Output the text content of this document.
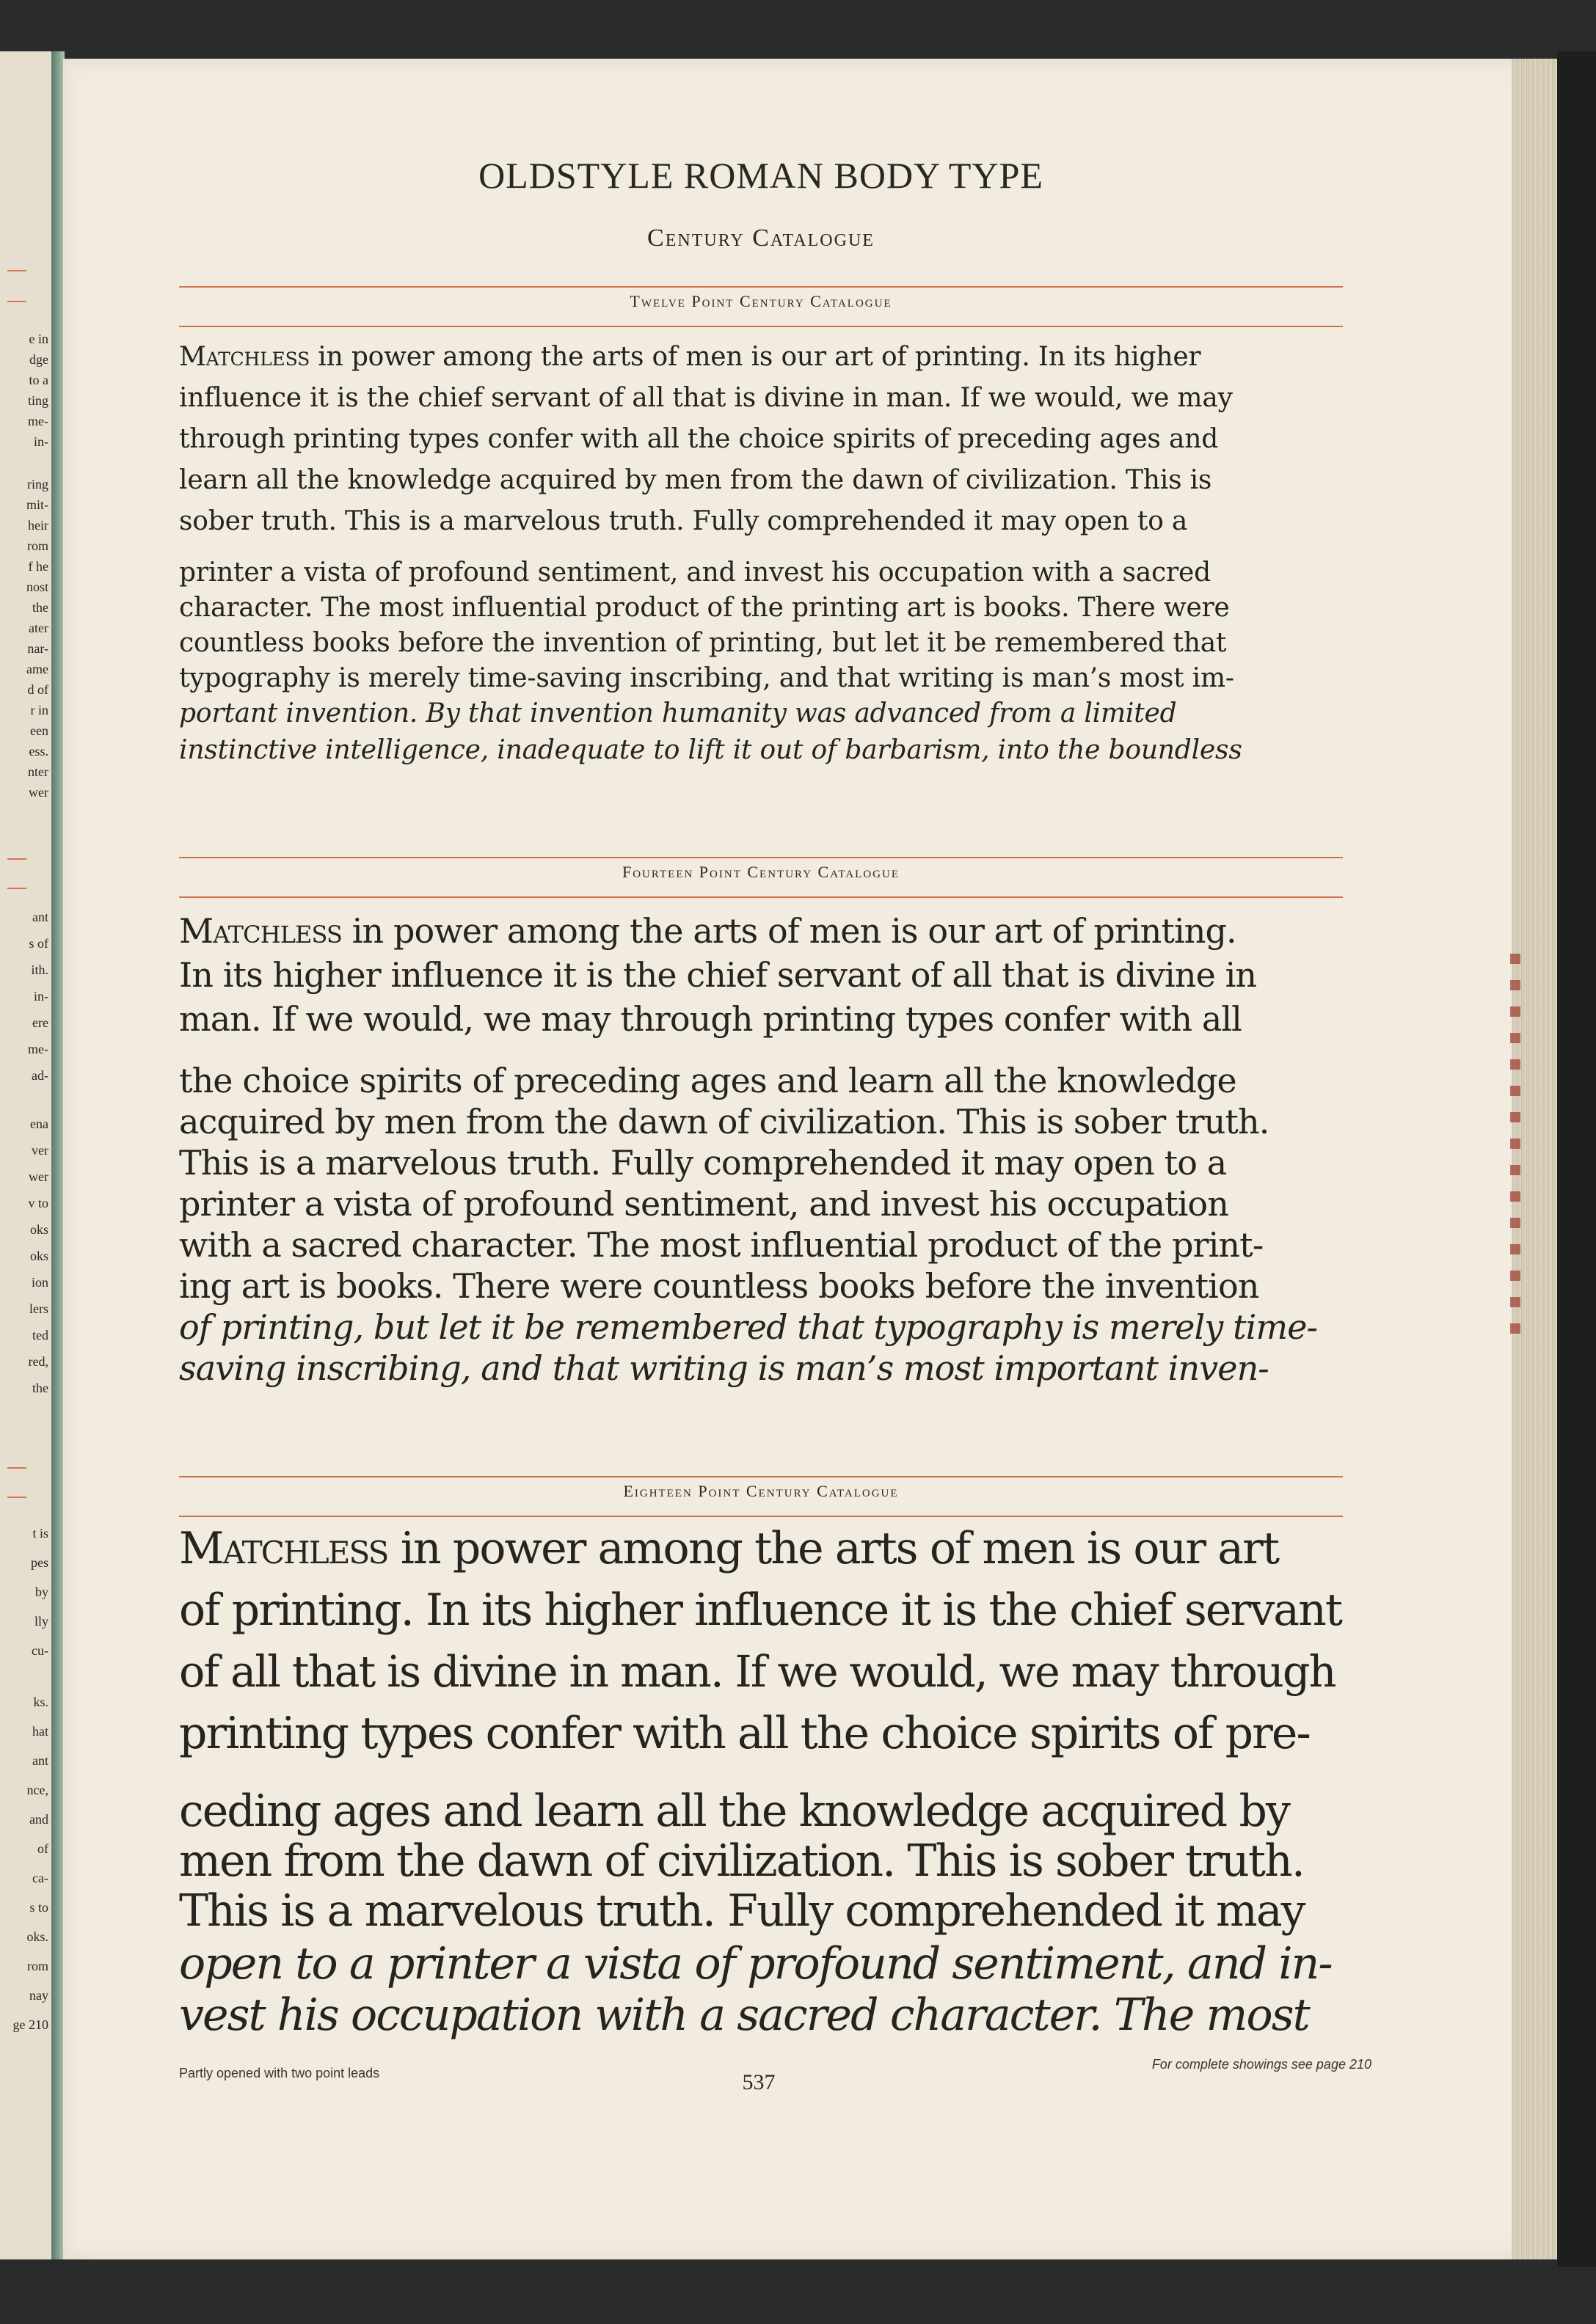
e in
dge
to a
ting
me-
in-
ring
mit-
heir
rom
f he
nost
the
ater
nar-
ame
d of
r in
een
ess.
nter
wer
ant
s of
ith.
in-
ere
me-
ad-
ena
ver
wer
v to
oks
oks
ion
lers
ted
red,
the
t is
pes
by
lly
cu-
ks.
hat
ant
nce,
and
of
ca-
s to
oks.
rom
nay
ge 210
OLDSTYLE ROMAN BODY TYPE
Century Catalogue
Twelve Point Century Catalogue
Fourteen Point Century Catalogue
Eighteen Point Century Catalogue
Partly opened with two point leads	537
For complete showings see page 210
Matchless in power among the arts of men is our art of printing. In its higher
influence it is the chief servant of all that is divine in man. If we would, we may
through printing types confer with all the choice spirits of preceding ages and
learn all the knowledge acquired by men from the dawn of civilization. This is
sober truth. This is a marvelous truth. Fully comprehended it may open to a
printer a vista of profound sentiment, and invest his occupation with a sacred
character. The most influential product of the printing art is books. There were
countless books before the invention of printing, but let it be remembered that
typography is merely time-saving inscribing, and that writing is man’s most im-
portant invention. By that invention humanity was advanced from a limited
instinctive intelligence, inadequate to lift it out of barbarism, into the boundless
Matchless in power among the arts of men is our art of printing.
In its higher influence it is the chief servant of all that is divine in
man. If we would, we may through printing types confer with all
the choice spirits of preceding ages and learn all the knowledge
acquired by men from the dawn of civilization. This is sober truth.
This is a marvelous truth. Fully comprehended it may open to a
printer a vista of profound sentiment, and invest his occupation
with a sacred character. The most influential product of the print-
ing art is books. There were countless books before the invention
of printing, but let it be remembered that typography is merely time-
saving inscribing, and that writing is man’s most important inven-
Matchless in power among the arts of men is our art
of printing. In its higher influence it is the chief servant
of all that is divine in man. If we would, we may through
printing types confer with all the choice spirits of pre-
ceding ages and learn all the knowledge acquired by
men from the dawn of civilization. This is sober truth.
This is a marvelous truth. Fully comprehended it may
open to a printer a vista of profound sentiment, and in-
vest his occupation with a sacred character. The most
